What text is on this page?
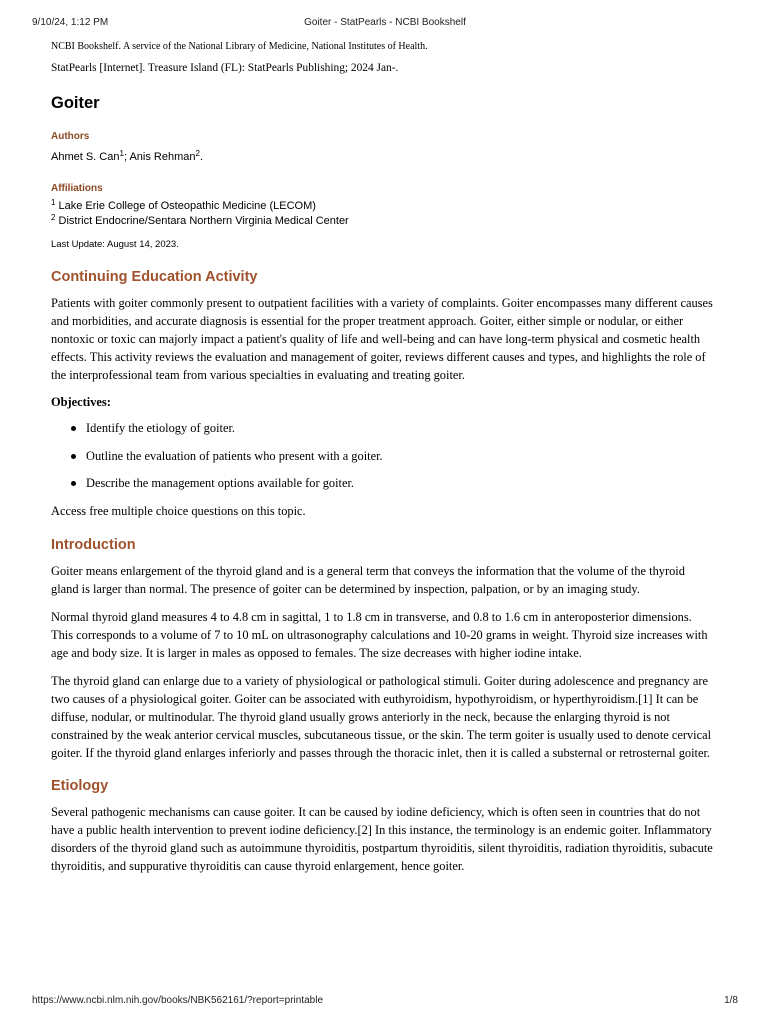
Goiter - StatPearls - NCBI Bookshelf
9/10/24, 1:12 PM

NCBI Bookshelf. A service of the National Library of Medicine, National Institutes of Health.

StatPearls [Internet]. Treasure Island (FL): StatPearls Publishing; 2024 Jan-.

Goiter
Authors
Ahmet S. Can$^1$; Anis Rehman$^2$.
Affiliations
$^1$ Lake Erie College of Osteopathic Medicine (LECOM)
$^2$ District Endocrine/Sentara Northern Virginia Medical Center

Last Update: August 14, 2023.

Continuing Education Activity

Patients with goiter commonly present to outpatient facilities with a variety of complaints. Goiter encompasses many different causes and morbidities, and accurate diagnosis is essential for the proper treatment approach. Goiter, either simple or nodular, or either nontoxic or toxic can majorly impact a patient's quality of life and well-being and can have long-term physical and cosmetic health effects. This activity reviews the evaluation and management of goiter, reviews different causes and types, and highlights the role of the interprofessional team from various specialties in evaluating and treating goiter.

Objectives:

Identify the etiology of goiter.
Outline the evaluation of patients who present with a goiter.
Describe the management options available for goiter.

Access free multiple choice questions on this topic.

Introduction

Goiter means enlargement of the thyroid gland and is a general term that conveys the information that the volume of the thyroid gland is larger than normal. The presence of goiter can be determined by inspection, palpation, or by an imaging study.

Normal thyroid gland measures 4 to 4.8 cm in sagittal, 1 to 1.8 cm in transverse, and 0.8 to 1.6 cm in anteroposterior dimensions. This corresponds to a volume of 7 to 10 mL on ultrasonography calculations and 10-20 grams in weight. Thyroid size increases with age and body size. It is larger in males as opposed to females. The size decreases with higher iodine intake.

The thyroid gland can enlarge due to a variety of physiological or pathological stimuli. Goiter during adolescence and pregnancy are two causes of a physiological goiter. Goiter can be associated with euthyroidism, hypothyroidism, or hyperthyroidism.[1] It can be diffuse, nodular, or multinodular. The thyroid gland usually grows anteriorly in the neck, because the enlarging thyroid is not constrained by the weak anterior cervical muscles, subcutaneous tissue, or the skin. The term goiter is usually used to denote cervical goiter. If the thyroid gland enlarges inferiorly and passes through the thoracic inlet, then it is called a substernal or retrosternal goiter.

Etiology

Several pathogenic mechanisms can cause goiter. It can be caused by iodine deficiency, which is often seen in countries that do not have a public health intervention to prevent iodine deficiency.[2] In this instance, the terminology is an endemic goiter. Inflammatory disorders of the thyroid gland such as autoimmune thyroiditis, postpartum thyroiditis, silent thyroiditis, radiation thyroiditis, subacute thyroiditis, and suppurative thyroiditis can cause thyroid enlargement, hence goiter.

https://www.ncbi.nlm.nih.gov/books/NBK562161/?report=printable	1/8
